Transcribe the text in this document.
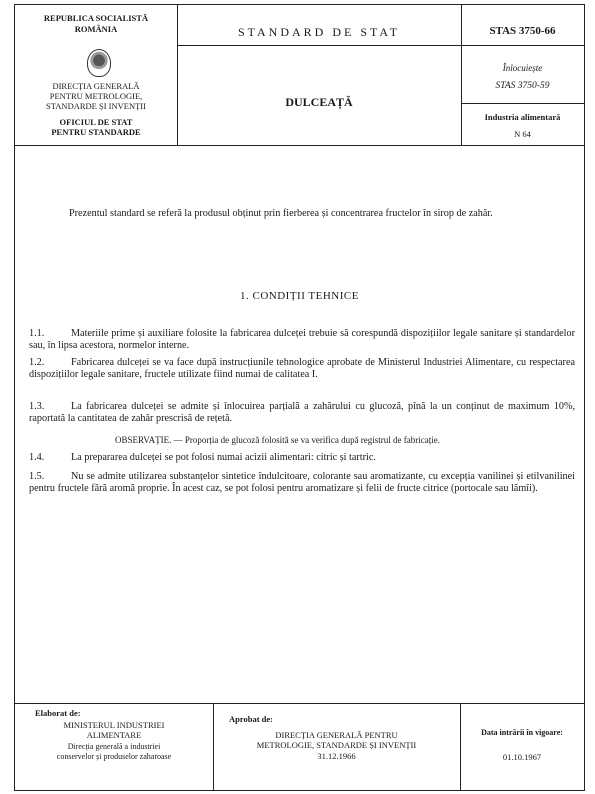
REPUBLICA SOCIALISTĂ
ROMÂNIA
DIRECȚIA GENERALĂ
PENTRU METROLOGIE,
STANDARDE ȘI INVENȚII
OFICIUL DE STAT
PENTRU STANDARDE
STANDARD DE STAT
DULCEAȚĂ
STAS 3750-66
Înlocuiește
STAS 3750-59
Industria alimentară
N 64
Prezentul standard se referă la produsul obținut prin fierberea și concentrarea fructelor în sirop de zahăr.
1. CONDIȚII TEHNICE
1.1.	Materiile prime și auxiliare folosite la fabricarea dulceței trebuie să corespundă dispozițiilor legale sanitare și standardelor sau, în lipsa acestora, normelor interne.
1.2.	Fabricarea dulceței se va face după instrucțiunile tehnologice aprobate de Ministerul Industriei Alimentare, cu respectarea dispozițiilor legale sanitare, fructele utilizate fiind numai de calitatea I.
1.3.	La fabricarea dulceței se admite și înlocuirea parțială a zahărului cu glucoză, pînă la un conținut de maximum 10%, raportată la cantitatea de zahăr prescrisă de rețetă.
OBSERVAȚIE. — Proporția de glucoză folosită se va verifica după registrul de fabricație.
1.4.	La prepararea dulceței se pot folosi numai acizii alimentari: citric și tartric.
1.5.	Nu se admite utilizarea substanțelor sintetice îndulcitoare, colorante sau aromatizante, cu excepția vanilinei și etilvanilinei pentru fructele fără aromă proprie. În acest caz, se pot folosi pentru aromatizare și felii de fructe citrice (portocale sau lămîi).
Elaborat de:
MINISTERUL INDUSTRIEI
ALIMENTARE
Direcția generală a industriei
conservelor și produselor zaharoase
Aprobat de:
DIRECȚIA GENERALĂ PENTRU
METROLOGIE, STANDARDE ȘI INVENȚII
31.12.1966
Data intrării în vigoare:
01.10.1967
